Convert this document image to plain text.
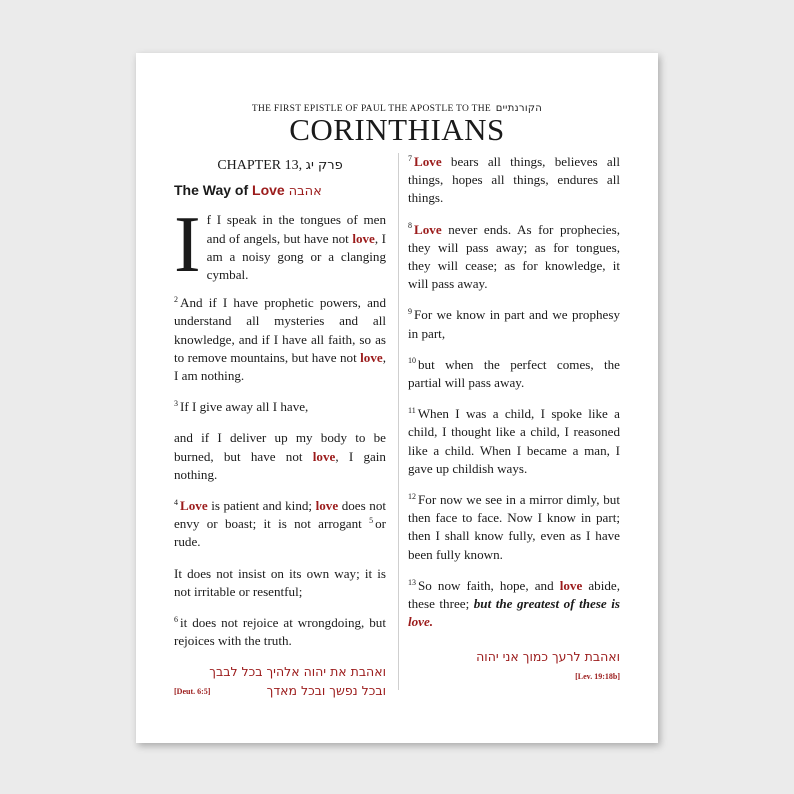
THE FIRST EPISTLE OF PAUL THE APOSTLE TO THE הקורנתיים
CORINTHIANS
CHAPTER 13, פרק יג
The Way of Love אהבה

If I speak in the tongues of men and of angels, but have not love, I am a noisy gong or a clanging cymbal.

$^2$ And if I have prophetic powers, and understand all mysteries and all knowledge, and if I have all faith, so as to remove mountains, but have not love, I am nothing.

$^3$ If I give away all I have,

and if I deliver up my body to be burned, but have not love, I gain nothing.

$^4$ Love is patient and kind; love does not envy or boast; it is not arrogant $^5$ or rude.

It does not insist on its own way; it is not irritable or resentful;

$^6$ it does not rejoice at wrongdoing, but rejoices with the truth.

ואהבת את יהוה אלהיך בכל לבבך
ובכל נפשך ובכל מאדך
[Deut. 6:5]

$^7$ Love bears all things, believes all things, hopes all things, endures all things.

$^8$ Love never ends. As for prophecies, they will pass away; as for tongues, they will cease; as for knowledge, it will pass away.

$^9$ For we know in part and we prophesy in part,

$^{10}$ but when the perfect comes, the partial will pass away.

$^{11}$ When I was a child, I spoke like a child, I thought like a child, I reasoned like a child. When I became a man, I gave up childish ways.

$^{12}$ For now we see in a mirror dimly, but then face to face. Now I know in part; then I shall know fully, even as I have been fully known.

$^{13}$ So now faith, hope, and love abide, these three; but the greatest of these is love.

ואהבת לרעך כמוך אני יהוה
[Lev. 19:18b]
